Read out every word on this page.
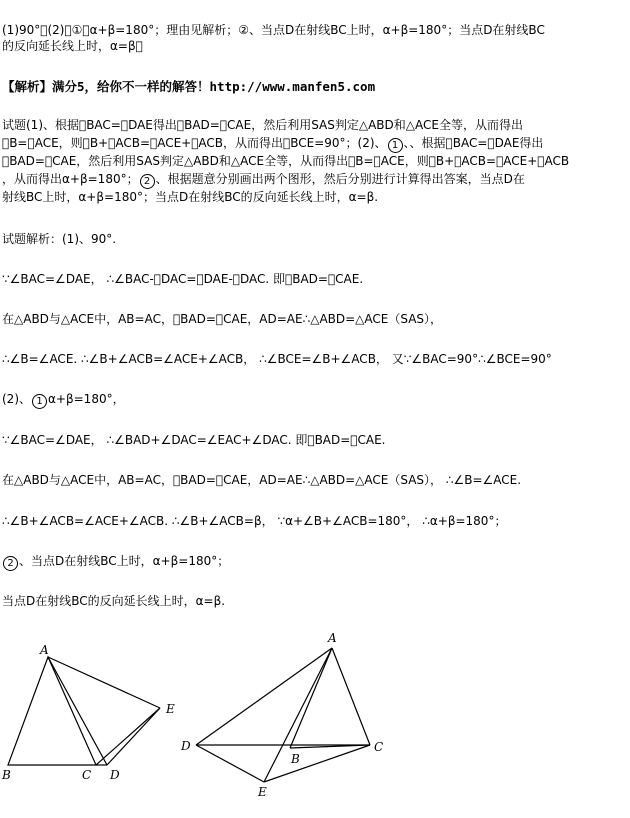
(1)90°􀀀(2)􀀀①􀀀α+β=180°；理由见解析；②、当点D在射线BC上时，α+β=180°；当点D在射线BC
的反向延长线上时，α=β􀀀
【解析】满分5，给你不一样的解答！http://www.manfen5.com
试题(1)、根据􀀀BAC=􀀀DAE得出􀀀BAD=􀀀CAE，然后利用SAS判定△ABD和△ACE全等，从而得出
􀀀B=􀀀ACE，则􀀀B+􀀀ACB=􀀀ACE+􀀀ACB，从而得出􀀀BCE=90°；(2)、 1 、、根据􀀀BAC=􀀀DAE得出
􀀀BAD=􀀀CAE，然后利用SAS判定△ABD和△ACE全等，从而得出􀀀B=􀀀ACE，则􀀀B+􀀀ACB=􀀀ACE+􀀀ACB
，从而得出α+β=180°； 2 、根据题意分别画出两个图形，然后分别进行计算得出答案，当点D在
射线BC上时，α+β=180°；当点D在射线BC的反向延长线上时，α=β.
试题解析：(1)、90°.
∵∠BAC=∠DAE， ∴∠BAC-􀀀DAC=􀀀DAE-􀀀DAC. 即􀀀BAD=􀀀CAE.
在△ABD与△ACE中，AB=AC，􀀀BAD=􀀀CAE，AD=AE∴△ABD=△ACE（SAS），
∴∠B=∠ACE. ∴∠B+∠ACB=∠ACE+∠ACB， ∴∠BCE=∠B+∠ACB， 又∵∠BAC=90°∴∠BCE=90°
(2)、 1 α+β=180°，
∵∠BAC=∠DAE， ∴∠BAD+∠DAC=∠EAC+∠DAC. 即􀀀BAD=􀀀CAE.
在△ABD与△ACE中，AB=AC，􀀀BAD=􀀀CAE，AD=AE∴△ABD=△ACE（SAS）， ∴∠B=∠ACE.
∴∠B+∠ACB=∠ACE+∠ACB. ∴∠B+∠ACB=β， ∵α+∠B+∠ACB=180°， ∴α+β=180°；
2 、当点D在射线BC上时，α+β=180°；
当点D在射线BC的反向延长线上时，α=β.
A
B	C D
E
A
B
C
D
E
